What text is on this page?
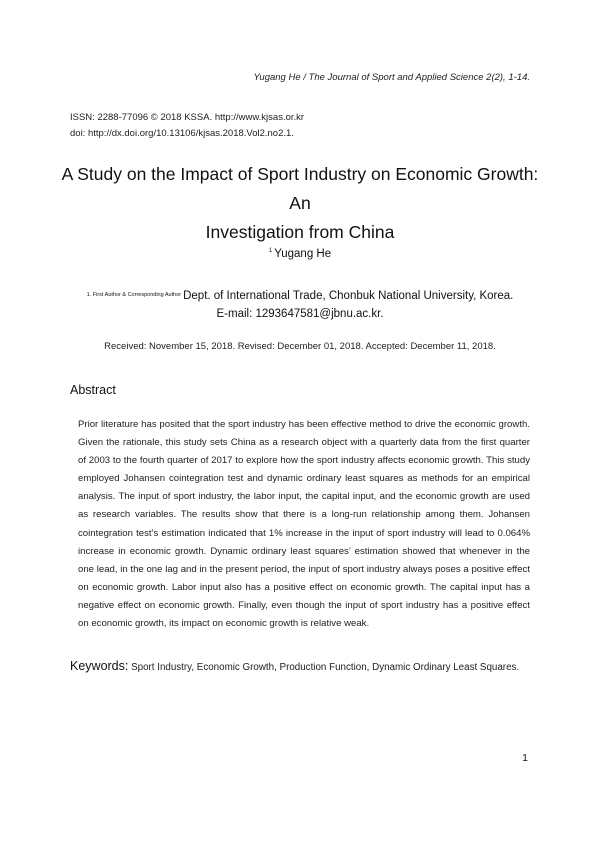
Yugang He / The Journal of Sport and Applied Science 2(2), 1-14.
ISSN: 2288-77096 © 2018 KSSA. http://www.kjsas.or.kr
doi: http://dx.doi.org/10.13106/kjsas.2018.Vol2.no2.1.
A Study on the Impact of Sport Industry on Economic Growth: An
Investigation from China
$^1$ Yugang He
$^{1. First Author \& Corresponding Author}$ Dept. of International Trade, Chonbuk National University, Korea.
E-mail: 1293647581@jbnu.ac.kr.
Received: November 15, 2018. Revised: December 01, 2018. Accepted: December 11, 2018.
Abstract
Prior literature has posited that the sport industry has been effective method to drive the economic growth. Given the rationale, this study sets China as a research object with a quarterly data from the first quarter of 2003 to the fourth quarter of 2017 to explore how the sport industry affects economic growth. This study employed Johansen cointegration test and dynamic ordinary least squares as methods for an empirical analysis. The input of sport industry, the labor input, the capital input, and the economic growth are used as research variables. The results show that there is a long-run relationship among them. Johansen cointegration test’s estimation indicated that 1% increase in the input of sport industry will lead to 0.064% increase in economic growth. Dynamic ordinary least squares’ estimation showed that whenever in the one lead, in the one lag and in the present period, the input of sport industry always poses a positive effect on economic growth. Labor input also has a positive effect on economic growth. The capital input has a negative effect on economic growth. Finally, even though the input of sport industry has a positive effect on economic growth, its impact on economic growth is relative weak.
Keywords: Sport Industry, Economic Growth, Production Function, Dynamic Ordinary Least Squares.
1
